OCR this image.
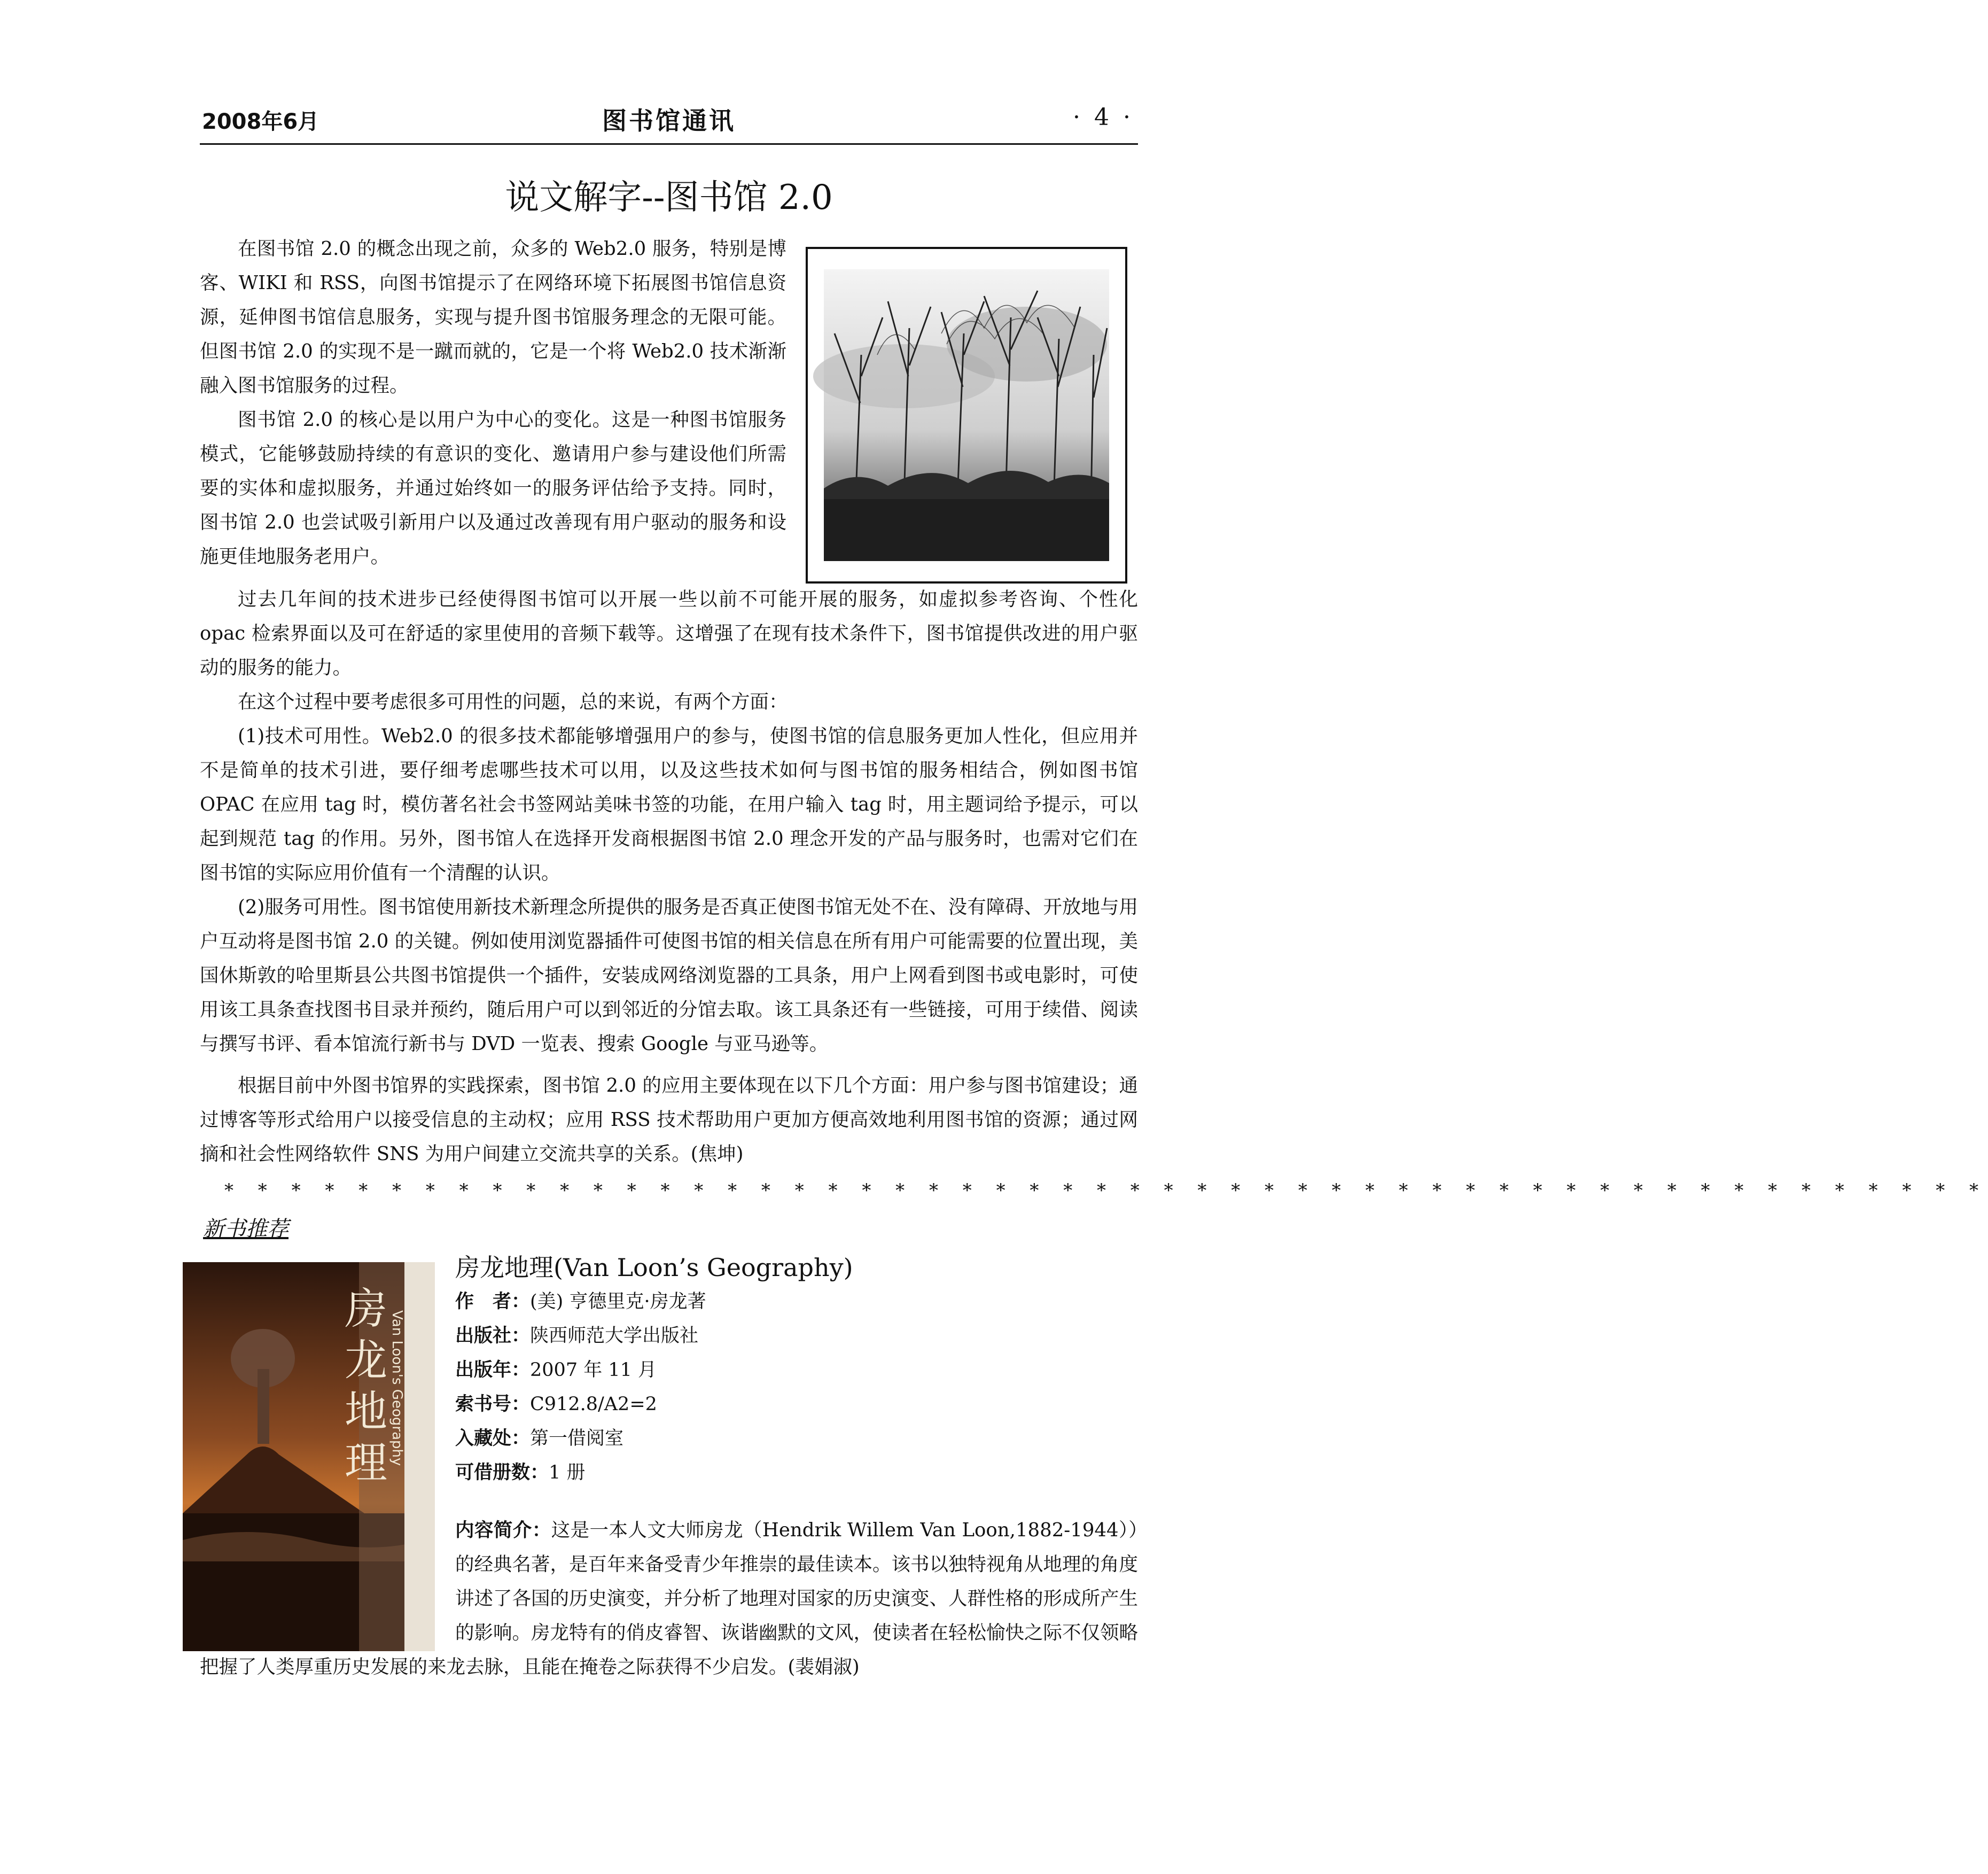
2008年6月	图书馆通讯	· 4 ·
说文解字--图书馆 2.0

在图书馆 2.0 的概念出现之前，众多的 Web2.0 服务，特别是博客、WIKI 和 RSS，向图书馆提示了在网络环境下拓展图书馆信息资源，延伸图书馆信息服务，实现与提升图书馆服务理念的无限可能。但图书馆 2.0 的实现不是一蹴而就的，它是一个将 Web2.0 技术渐渐融入图书馆服务的过程。

图书馆 2.0 的核心是以用户为中心的变化。这是一种图书馆服务模式，它能够鼓励持续的有意识的变化、邀请用户参与建设他们所需要的实体和虚拟服务，并通过始终如一的服务评估给予支持。同时，图书馆 2.0 也尝试吸引新用户以及通过改善现有用户驱动的服务和设施更佳地服务老用户。

过去几年间的技术进步已经使得图书馆可以开展一些以前不可能开展的服务，如虚拟参考咨询、个性化 opac 检索界面以及可在舒适的家里使用的音频下载等。这增强了在现有技术条件下，图书馆提供改进的用户驱动的服务的能力。

在这个过程中要考虑很多可用性的问题，总的来说，有两个方面：

(1)技术可用性。Web2.0 的很多技术都能够增强用户的参与，使图书馆的信息服务更加人性化，但应用并不是简单的技术引进，要仔细考虑哪些技术可以用，以及这些技术如何与图书馆的服务相结合，例如图书馆 OPAC 在应用 tag 时，模仿著名社会书签网站美味书签的功能，在用户输入 tag 时，用主题词给予提示，可以起到规范 tag 的作用。另外，图书馆人在选择开发商根据图书馆 2.0 理念开发的产品与服务时，也需对它们在图书馆的实际应用价值有一个清醒的认识。

(2)服务可用性。图书馆使用新技术新理念所提供的服务是否真正使图书馆无处不在、没有障碍、开放地与用户互动将是图书馆 2.0 的关键。例如使用浏览器插件可使图书馆的相关信息在所有用户可能需要的位置出现，美国休斯敦的哈里斯县公共图书馆提供一个插件，安装成网络浏览器的工具条，用户上网看到图书或电影时，可使用该工具条查找图书目录并预约，随后用户可以到邻近的分馆去取。该工具条还有一些链接，可用于续借、阅读与撰写书评、看本馆流行新书与 DVD 一览表、搜索 Google 与亚马逊等。

根据目前中外图书馆界的实践探索，图书馆 2.0 的应用主要体现在以下几个方面：用户参与图书馆建设；通过博客等形式给用户以接受信息的主动权；应用 RSS 技术帮助用户更加方便高效地利用图书馆的资源；通过网摘和社会性网络软件 SNS 为用户间建立交流共享的关系。(焦坤)

* * * * * * * * * * * * * * * * * * * * * * * * * * * * * * * * * * * * * * * * * * * * * * * * * * * * *
新书推荐
房龙地理 Van Loon's Geography
房龙地理(Van Loon’s Geography)
作　者：(美) 亨德里克·房龙著
出版社：陕西师范大学出版社
出版年：2007 年 11 月
索书号：C912.8/A2=2
入藏处：第一借阅室
可借册数：1 册
内容简介：这是一本人文大师房龙（Hendrik Willem Van Loon,1882-1944））的经典名著，是百年来备受青少年推崇的最佳读本。该书以独特视角从地理的角度讲述了各国的历史演变，并分析了地理对国家的历史演变、人群性格的形成所产生的影响。房龙特有的俏皮睿智、诙谐幽默的文风，使读者在轻松愉快之际不仅领略把握了人类厚重历史发展的来龙去脉，且能在掩卷之际获得不少启发。(裴娟淑)
